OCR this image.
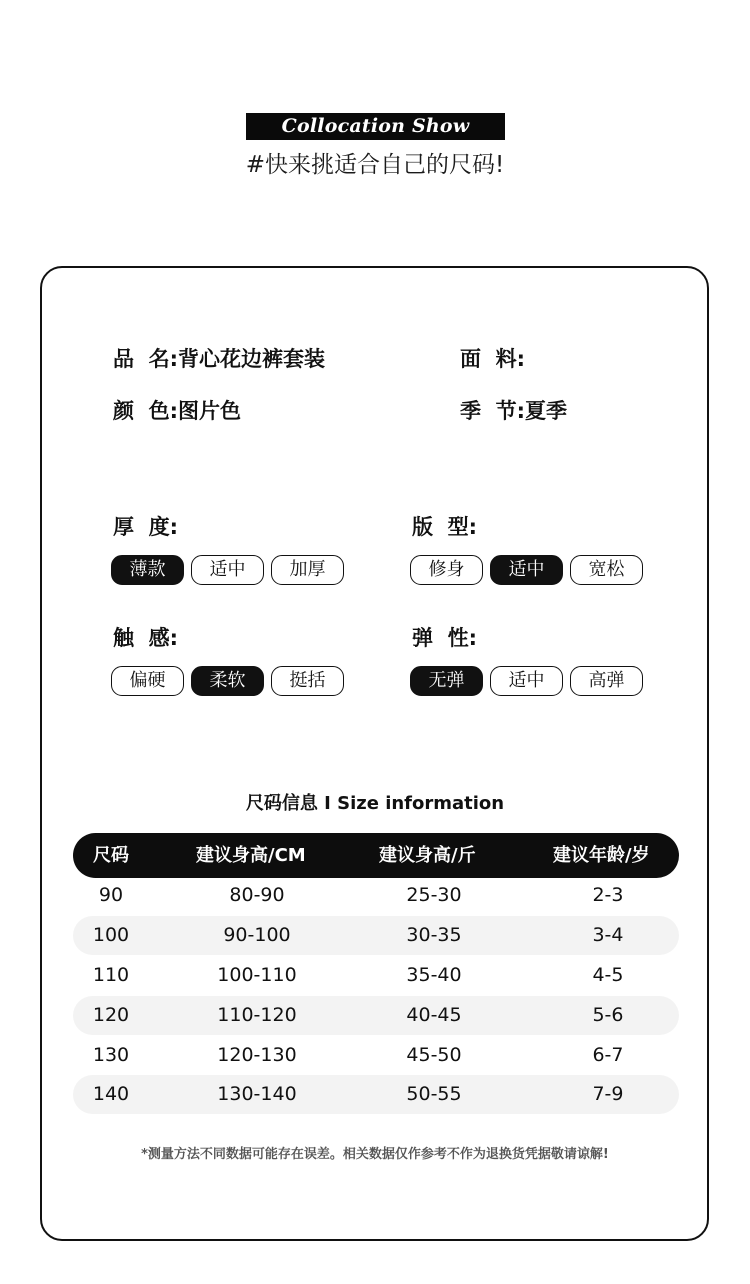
Collocation Show
#快来挑适合自己的尺码!
品  名:背心花边裤套装	面  料:
颜  色:图片色	季  节:夏季
厚  度:
薄款	适中	加厚
版  型:
修身	适中	宽松
触  感:
偏硬	柔软	挺括
弹  性:
无弹	适中	高弹
尺码信息 I Size information
尺码	建议身高/CM	建议身高/斤	建议年龄/岁
90	80-90	25-30	2-3
100	90-100	30-35	3-4
110	100-110	35-40	4-5
120	110-120	40-45	5-6
130	120-130	45-50	6-7
140	130-140	50-55	7-9
*测量方法不同数据可能存在误差。相关数据仅作参考不作为退换货凭据敬请谅解!
